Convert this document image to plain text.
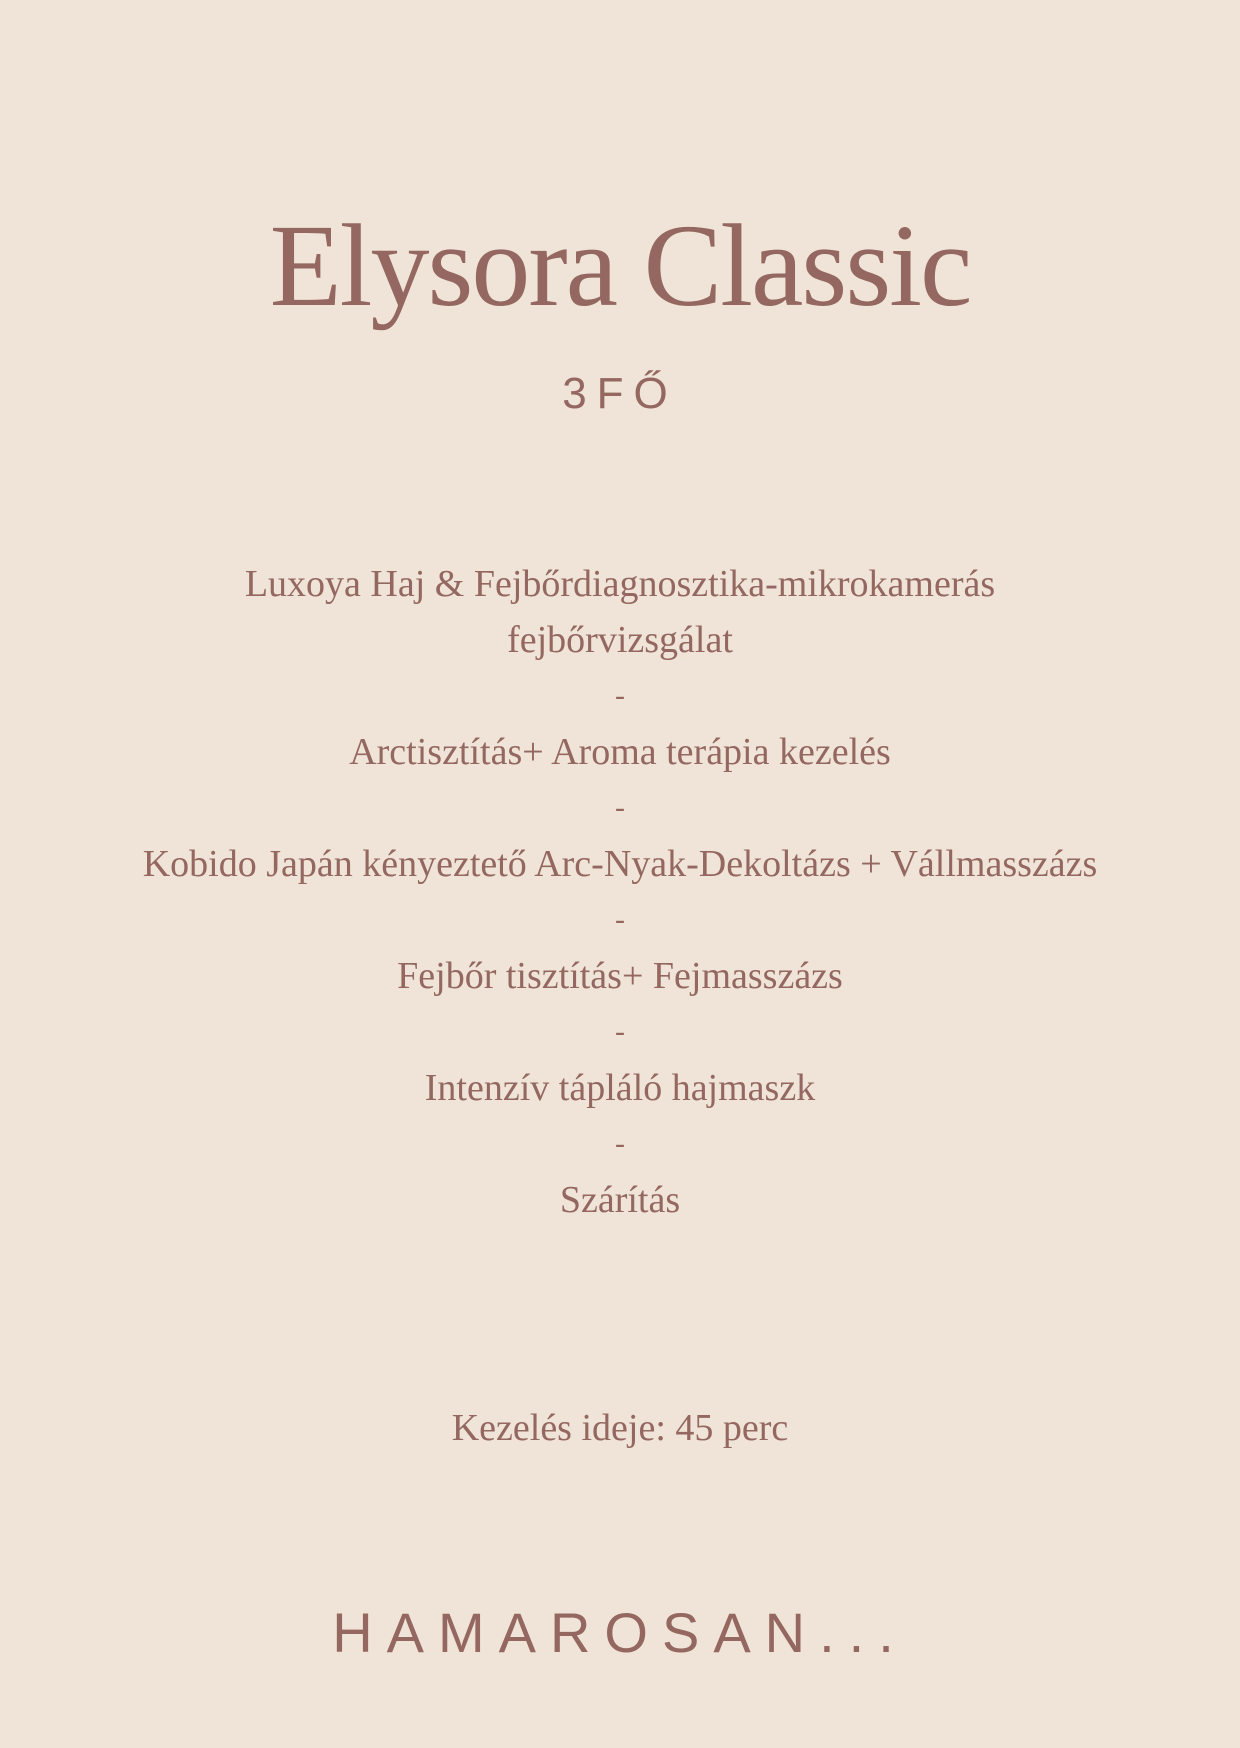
Elysora Classic
3FŐ
Luxoya Haj & Fejbőrdiagnosztika-mikrokamerás fejbőrvizsgálat
-
Arctisztítás+ Aroma terápia kezelés
-
Kobido Japán kényeztető Arc-Nyak-Dekoltázs + Vállmasszázs
-
Fejbőr tisztítás+ Fejmasszázs
-
Intenzív tápláló hajmaszk
-
Szárítás
Kezelés ideje: 45 perc
HAMAROSAN...
